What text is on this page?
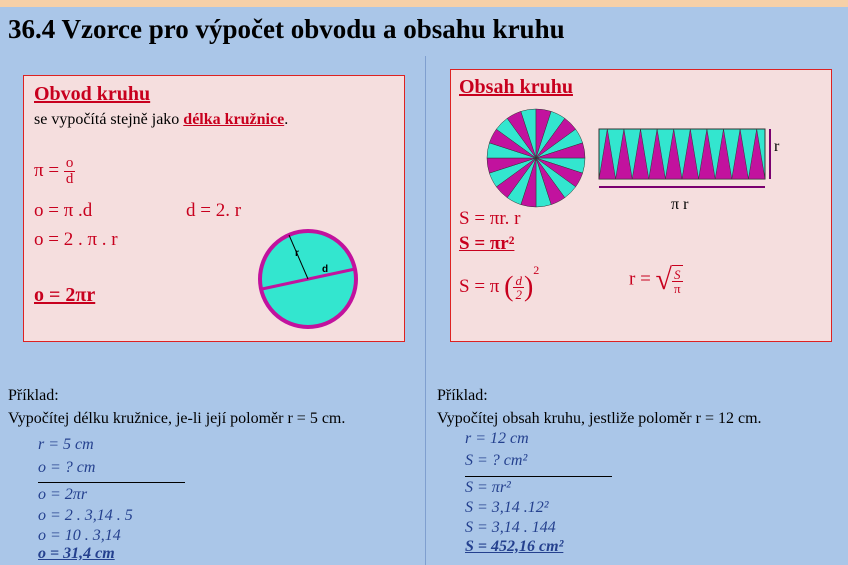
36.4 Vzorce pro výpočet obvodu a obsahu kruhu
Obvod kruhu
se vypočítá stejně jako délka kružnice.
$\pi = \frac{o}{d}$
o = π .d	d = 2. r
o = 2 . π . r
o = 2πr
r
d
Obsah kruhu
r
π r
S = πr. r
S = πr²
S = π ( $\frac{d}{2} )^2$	r = √ $\frac{S}{\pi}$
Příklad:
Vypočítej délku kružnice, je-li její poloměr r = 5 cm.
r = 5 cm
o = ? cm
o = 2πr
o = 2 . 3,14 . 5
o = 10 . 3,14
o = 31,4 cm
Příklad:
Vypočítej obsah kruhu, jestliže poloměr r = 12 cm.
r = 12 cm
S = ? cm²
S = πr²
S = 3,14 .12²
S = 3,14 . 144
S = 452,16 cm²
